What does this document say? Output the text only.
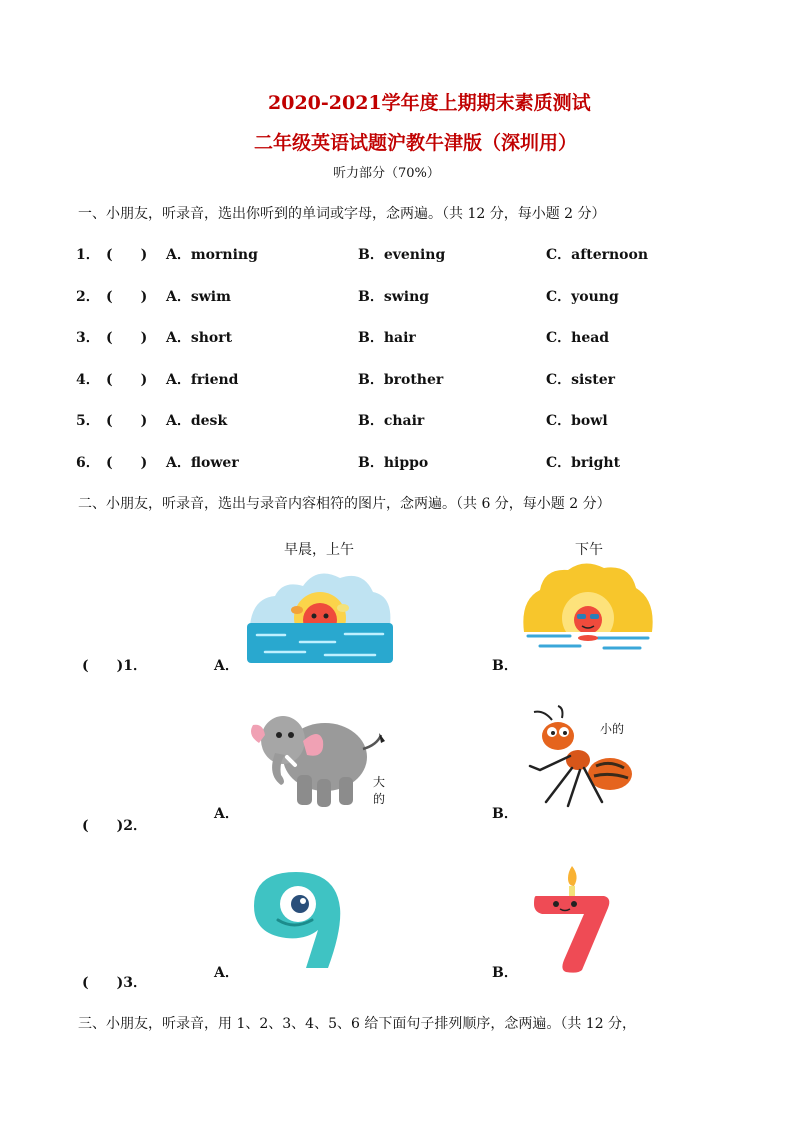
2020-2021学年度上期期末素质测试
二年级英语试题沪教牛津版（深圳用）
听力部分（70%）
一、小朋友，听录音，选出你听到的单词或字母，念两遍。（共 12 分，每小题 2 分）
1． (　　) A．morning	B．evening	C．afternoon
2． (　　) A．swim	B．swing	C．young
3． (　　) A．short	B．hair	C．head
4． (　　) A．friend	B．brother	C．sister
5． (　　) A．desk	B．chair	C．bowl
6． (　　) A．flower	B．hippo	C．bright
二、小朋友，听录音，选出与录音内容相符的图片，念两遍。（共 6 分，每小题 2 分）
早晨，上午	下午
(　　)1．	A．	B．
大
的
小的
A．	B．
(　　)2．
A．	B．
(　　)3．
三、小朋友，听录音，用 1、2、3、4、5、6 给下面句子排列顺序，念两遍。（共 12 分，
